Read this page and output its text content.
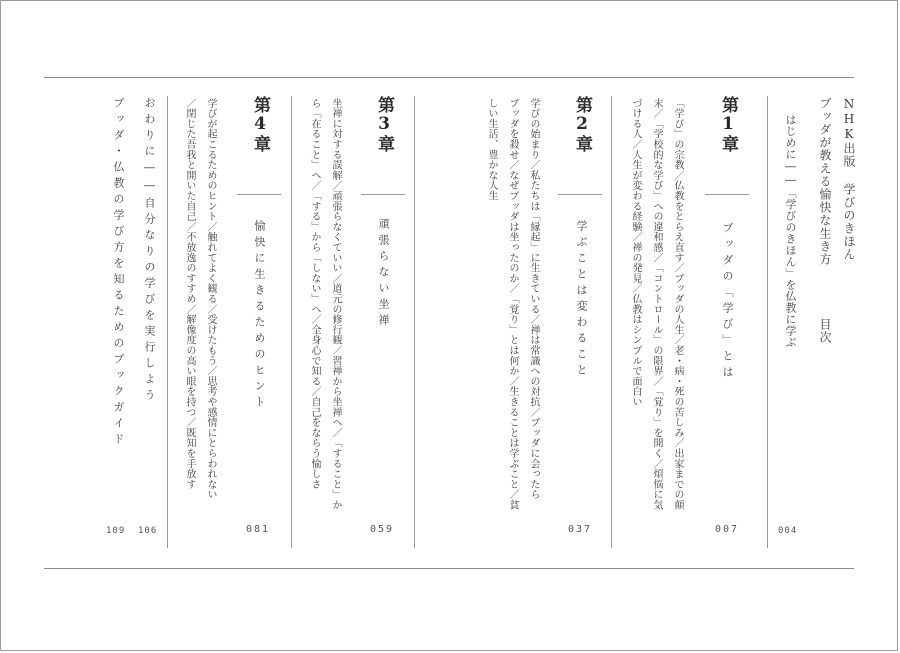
NHK出版 学びのきほん
ブッダが教える愉快な生き方
目次
はじめに――「学びのきほん」を仏教に学ぶ
004
第1章
ブッダの「学び」とは
007
「学び」の宗教／仏教をとらえ直す／ブッダの人生／老・病・死の苦しみ／出家までの顛
末／「学校的な学び」への違和感／「コントロール」の限界／「覚り」を開く／煩悩に気
づける人／人生が変わる経験／禅の発見／仏教はシンプルで面白い
第2章
学ぶことは変わること
037
学びの始まり／私たちは「縁起」に生きている／禅は常識への対抗／ブッダに会ったら
ブッダを殺せ／なぜブッダは坐ったのか／「覚り」とは何か／生きることは学ぶこと／貧
しい生活、豊かな人生
第3章
頑張らない坐禅
059
坐禅に対する誤解／頑張らなくていい／道元の修行観／習禅から坐禅へ／「すること」か
ら「在ること」へ／「する」から「しない」へ／全身心で知る／自己をならう愉しさ
第4章
愉快に生きるためのヒント
081
学びが起こるためのヒント／触れてよく観る／受けたもう／思考や感情にとらわれない
／閉じた吾我と開いた自己／不放逸のすすめ／解像度の高い眼を持つ／既知を手放す
おわりに――自分なりの学びを実行しよう
106
ブッダ・仏教の学び方を知るためのブックガイド
109
